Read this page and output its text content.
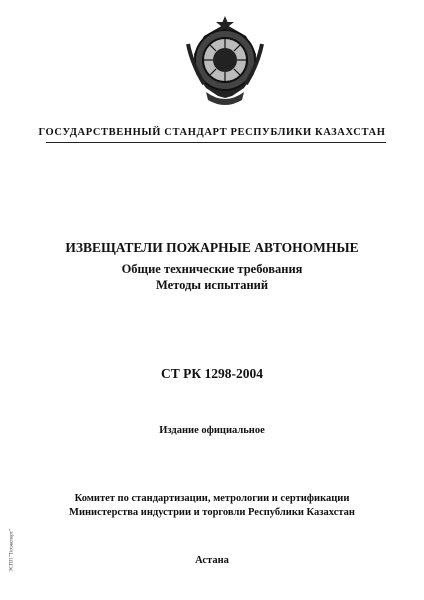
ГОСУДАРСТВЕННЫЙ СТАНДАРТ РЕСПУБЛИКИ КАЗАХСТАН
ИЗВЕЩАТЕЛИ ПОЖАРНЫЕ АВТОНОМНЫЕ
Общие технические требования
Методы испытаний
СТ РК 1298-2004
Издание официальное
Комитет по стандартизации, метрологии и сертификации
Министерства индустрии и торговли Республики Казахстан
Астана
ЭСПП "Техэксперт"
